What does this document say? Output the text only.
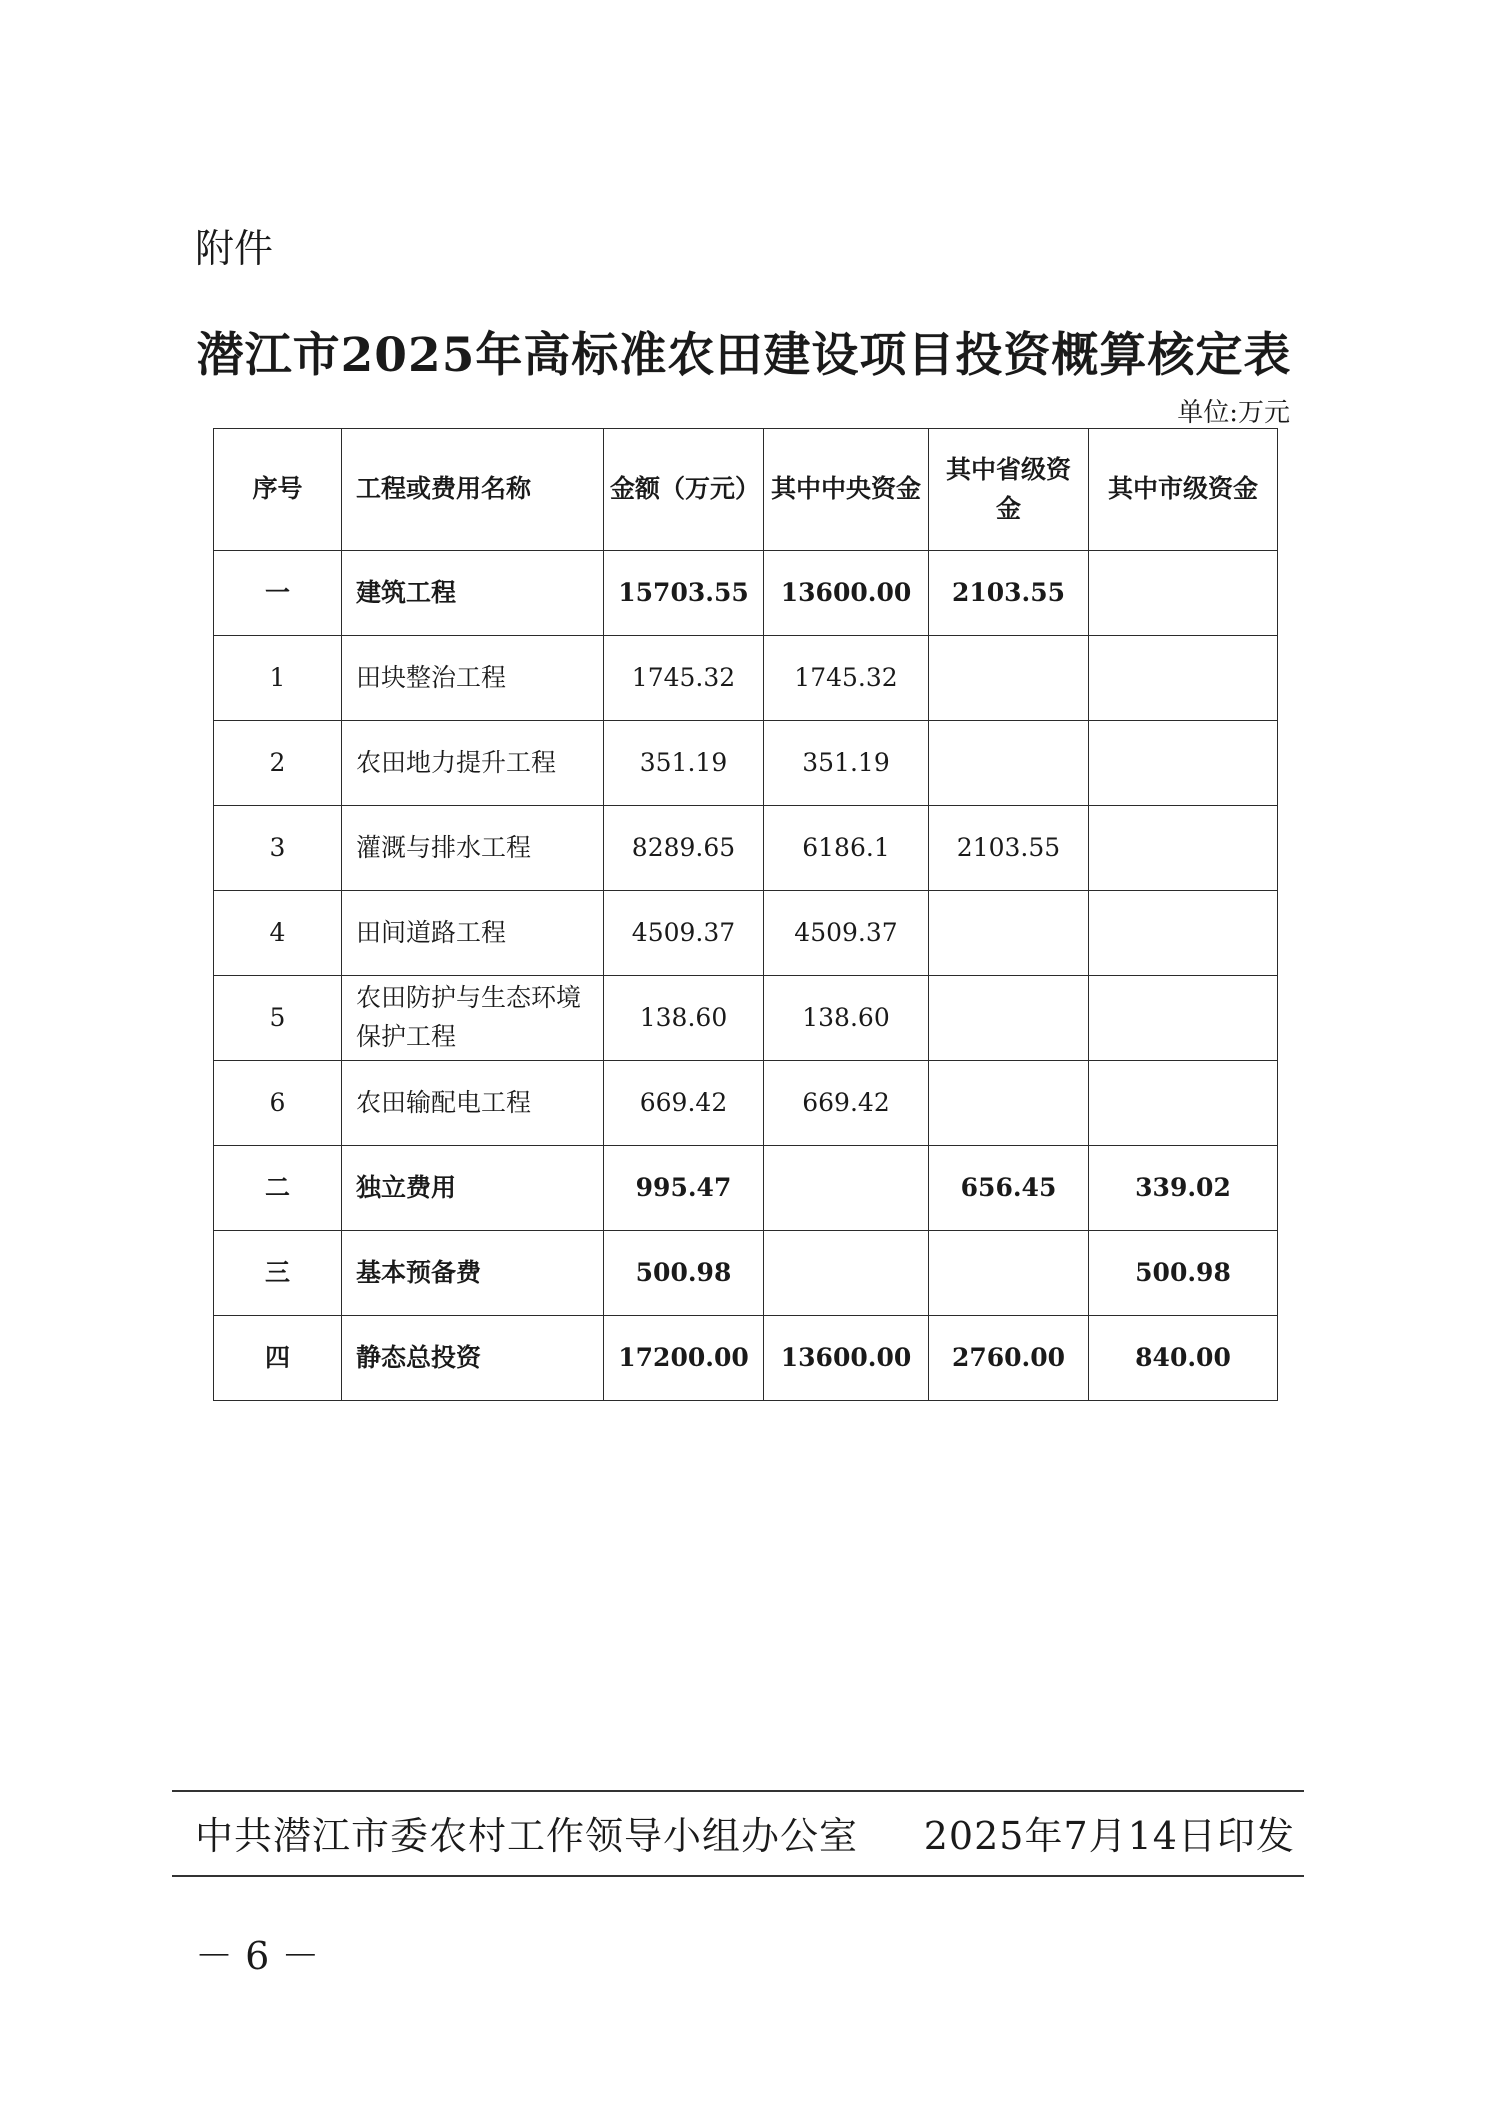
附件
潜江市2025年高标准农田建设项目投资概算核定表
单位:万元
序号	工程或费用名称	金额（万元）	其中中央资金	其中省级资金	其中市级资金
一	建筑工程	15703.55	13600.00	2103.55	
1	田块整治工程	1745.32	1745.32		
2	农田地力提升工程	351.19	351.19		
3	灌溉与排水工程	8289.65	6186.1	2103.55	
4	田间道路工程	4509.37	4509.37		
5	农田防护与生态环境保护工程	138.60	138.60		
6	农田输配电工程	669.42	669.42		
二	独立费用	995.47		656.45	339.02
三	基本预备费	500.98			500.98
四	静态总投资	17200.00	13600.00	2760.00	840.00
中共潜江市委农村工作领导小组办公室 2025年7月14日印发
－ 6 －
